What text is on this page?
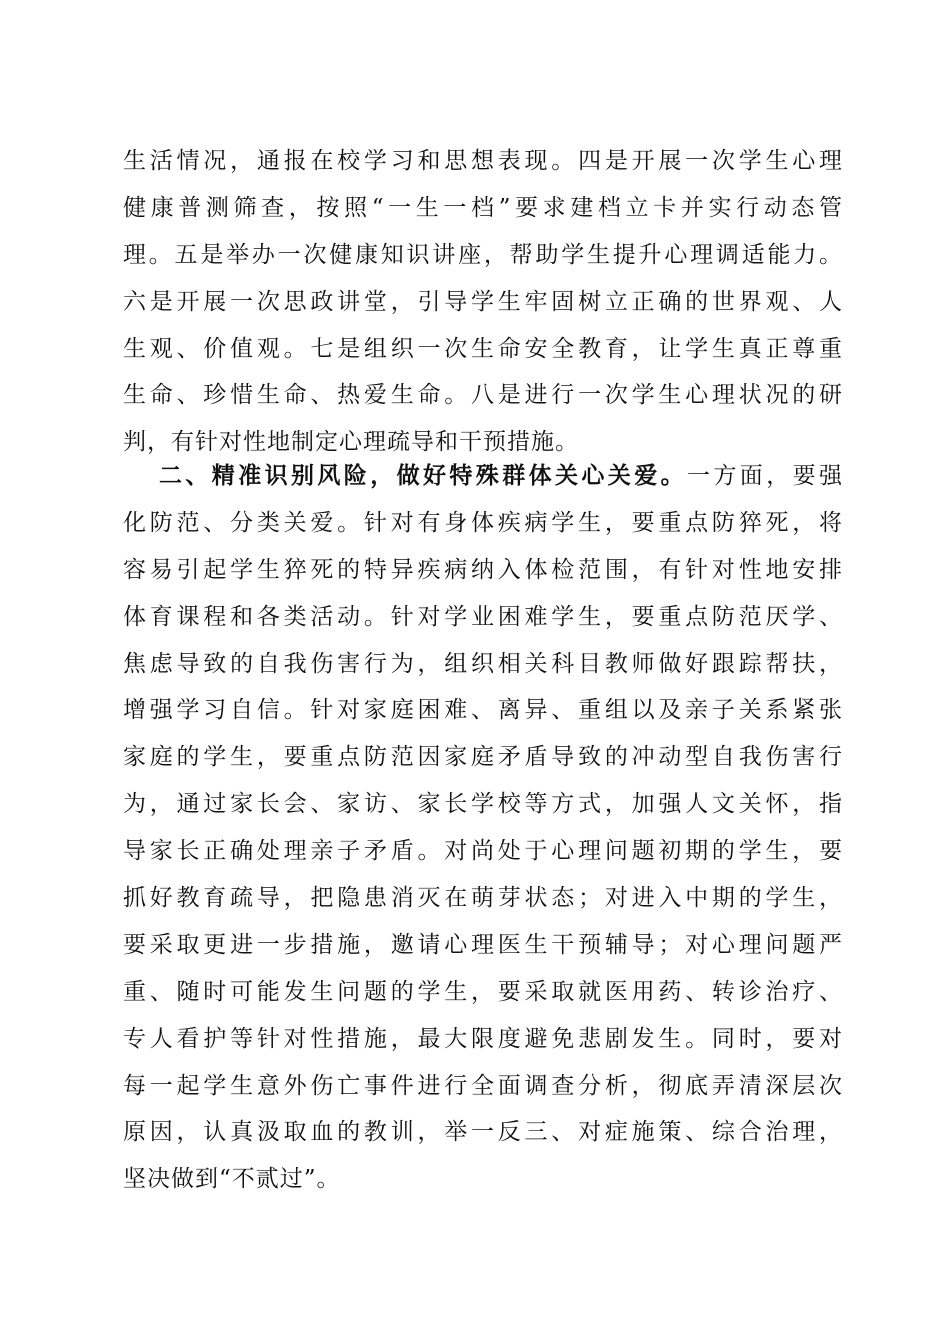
生活情况，通报在校学习和思想表现。四是开展一次学生心理
健康普测筛查，按照“一生一档”要求建档立卡并实行动态管
理。五是举办一次健康知识讲座，帮助学生提升心理调适能力。
六是开展一次思政讲堂，引导学生牢固树立正确的世界观、人
生观、价值观。七是组织一次生命安全教育，让学生真正尊重
生命、珍惜生命、热爱生命。八是进行一次学生心理状况的研
判，有针对性地制定心理疏导和干预措施。
二、精准识别风险，做好特殊群体关心关爱。一方面，要强
化防范、分类关爱。针对有身体疾病学生，要重点防猝死，将
容易引起学生猝死的特异疾病纳入体检范围，有针对性地安排
体育课程和各类活动。针对学业困难学生，要重点防范厌学、
焦虑导致的自我伤害行为，组织相关科目教师做好跟踪帮扶，
增强学习自信。针对家庭困难、离异、重组以及亲子关系紧张
家庭的学生，要重点防范因家庭矛盾导致的冲动型自我伤害行
为，通过家长会、家访、家长学校等方式，加强人文关怀，指
导家长正确处理亲子矛盾。对尚处于心理问题初期的学生，要
抓好教育疏导，把隐患消灭在萌芽状态；对进入中期的学生，
要采取更进一步措施，邀请心理医生干预辅导；对心理问题严
重、随时可能发生问题的学生，要采取就医用药、转诊治疗、
专人看护等针对性措施，最大限度避免悲剧发生。同时，要对
每一起学生意外伤亡事件进行全面调查分析，彻底弄清深层次
原因，认真汲取血的教训，举一反三、对症施策、综合治理，
坚决做到“不贰过”。
